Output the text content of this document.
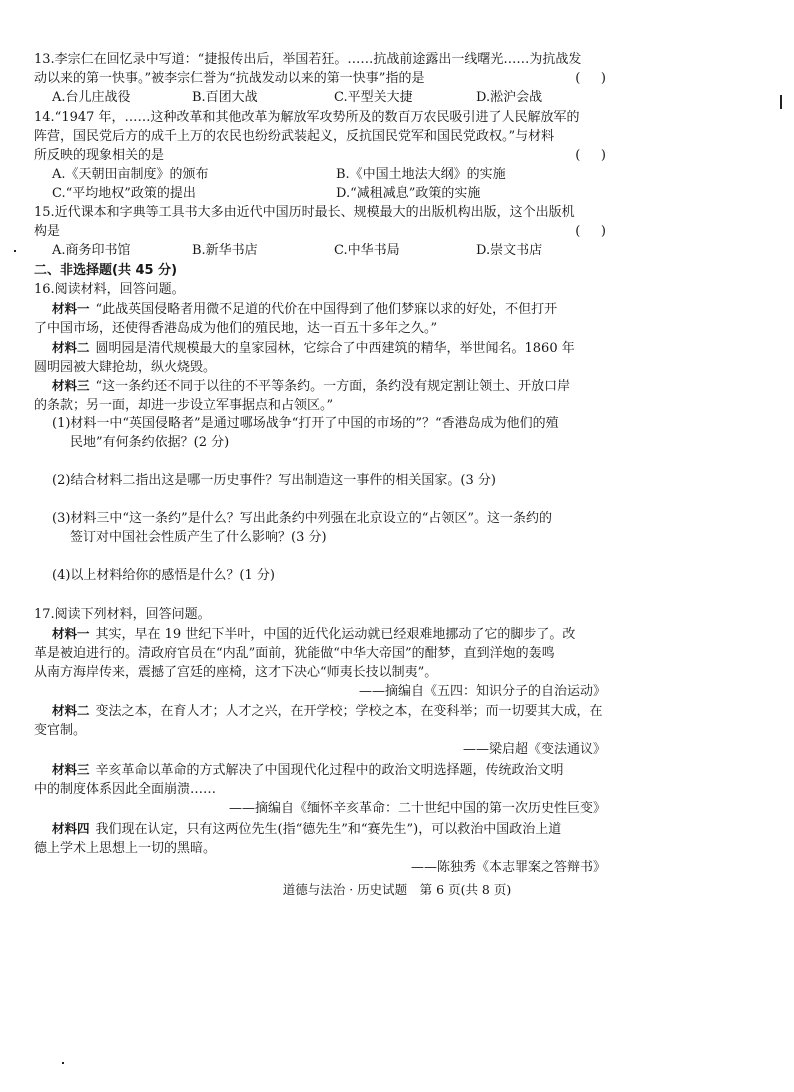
13.李宗仁在回忆录中写道：“捷报传出后，举国若狂。……抗战前途露出一线曙光……为抗战发
动以来的第一快事。”被李宗仁誉为“抗战发动以来的第一快事”指的是	(     )
A.台儿庄战役	B.百团大战	C.平型关大捷	D.淞沪会战
14.“1947 年，……这种改革和其他改革为解放军攻势所及的数百万农民吸引进了人民解放军的
阵营，国民党后方的成千上万的农民也纷纷武装起义，反抗国民党军和国民党政权。”与材料
所反映的现象相关的是	(     )
A.《天朝田亩制度》的颁布	B.《中国土地法大纲》的实施
C.“平均地权”政策的提出	D.“减租减息”政策的实施
15.近代课本和字典等工具书大多由近代中国历时最长、规模最大的出版机构出版，这个出版机
构是	(     )
A.商务印书馆	B.新华书店	C.中华书局	D.崇文书店
二、非选择题(共 45 分)
16.阅读材料，回答问题。
材料一 “此战英国侵略者用微不足道的代价在中国得到了他们梦寐以求的好处，不但打开
了中国市场，还使得香港岛成为他们的殖民地，达一百五十多年之久。”
材料二 圆明园是清代规模最大的皇家园林，它综合了中西建筑的精华，举世闻名。1860 年
圆明园被大肆抢劫，纵火烧毁。
材料三 “这一条约还不同于以往的不平等条约。一方面，条约没有规定割让领土、开放口岸
的条款；另一面，却进一步设立军事据点和占领区。”
(1)材料一中“英国侵略者”是通过哪场战争“打开了中国的市场的”？“香港岛成为他们的殖
民地”有何条约依据？(2 分)
(2)结合材料二指出这是哪一历史事件？写出制造这一事件的相关国家。(3 分)
(3)材料三中“这一条约”是什么？写出此条约中列强在北京设立的“占领区”。这一条约的
签订对中国社会性质产生了什么影响？(3 分)
(4)以上材料给你的感悟是什么？(1 分)
17.阅读下列材料，回答问题。
材料一 其实，早在 19 世纪下半叶，中国的近代化运动就已经艰难地挪动了它的脚步了。改
革是被迫进行的。清政府官员在“内乱”面前，犹能做“中华大帝国”的酣梦，直到洋炮的轰鸣
从南方海岸传来，震撼了宫廷的座椅，这才下决心“师夷长技以制夷”。
——摘编自《五四：知识分子的自治运动》
材料二 变法之本，在育人才；人才之兴，在开学校；学校之本，在变科举；而一切要其大成，在
变官制。
——梁启超《变法通议》
材料三 辛亥革命以革命的方式解决了中国现代化过程中的政治文明选择题，传统政治文明
中的制度体系因此全面崩溃……
——摘编自《缅怀辛亥革命：二十世纪中国的第一次历史性巨变》
材料四 我们现在认定，只有这两位先生(指“德先生”和“赛先生”)，可以救治中国政治上道
德上学术上思想上一切的黑暗。
——陈独秀《本志罪案之答辩书》
道德与法治 · 历史试题　第 6 页(共 8 页)
